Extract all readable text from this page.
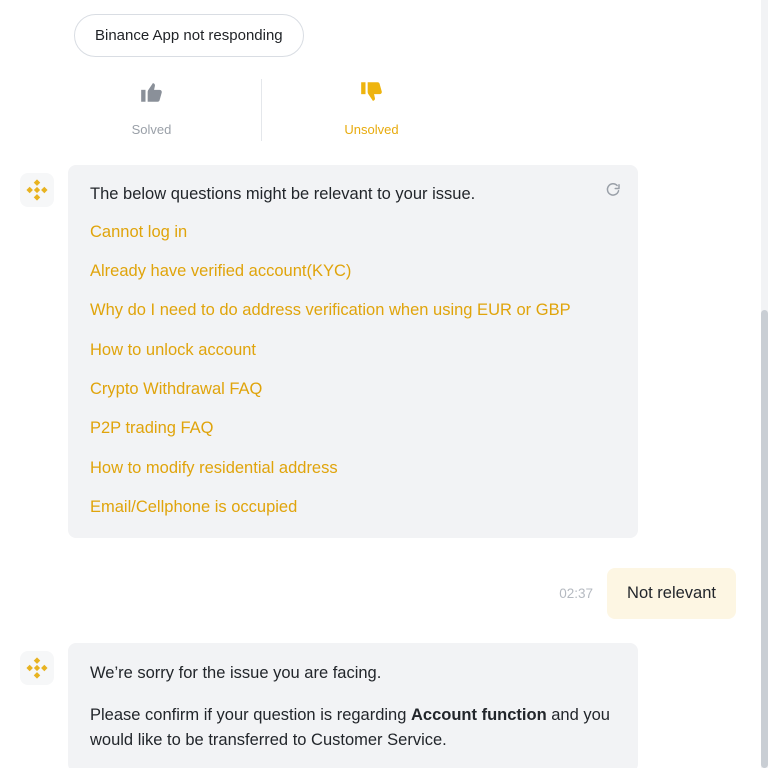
Binance App not responding
Solved	Unsolved

The below questions might be relevant to your issue.

Cannot log in
Already have verified account(KYC)
Why do I need to do address verification when using EUR or GBP
How to unlock account
Crypto Withdrawal FAQ
P2P trading FAQ
How to modify residential address
Email/Cellphone is occupied
02:37	Not relevant

We’re sorry for the issue you are facing.

Please confirm if your question is regarding Account function and you would like to be transferred to Customer Service.
